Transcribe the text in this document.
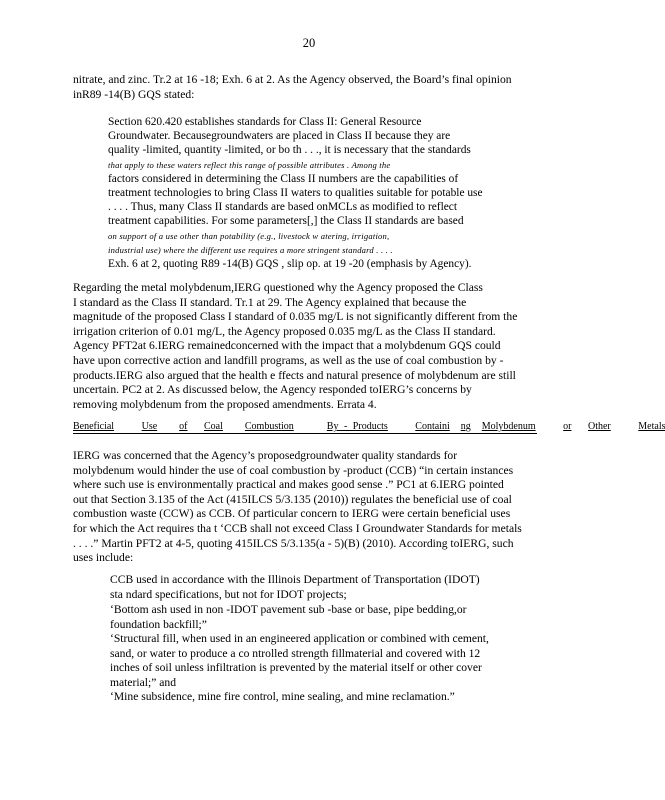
20
nitrate, and zinc. Tr.2 at 16 -18; Exh. 6 at 2. As the Agency observed, the Board’s final opinion
inR89 -14(B) GQS stated:
Section 620.420 establishes standards for Class II: General Resource
Groundwater. Becausegroundwaters are placed in Class II because they are
quality -limited, quantity -limited, or bo th . . ., it is necessary that the standards
that apply to these waters reflect this range of possible attributes . Among the
factors considered in determining the Class II numbers are the capabilities of
treatment technologies to bring Class II waters to qualities suitable for potable use
. . . . Thus, many Class II standards are based onMCLs as modified to reflect
treatment capabilities. For some parameters[,] the Class II standards are based
on support of a use other than potability (e.g., livestock w atering, irrigation,
industrial use) where the different use requires a more stringent standard . . . .
Exh. 6 at 2, quoting R89 -14(B) GQS , slip op. at 19 -20 (emphasis by Agency).
Regarding the metal molybdenum,IERG questioned why the Agency proposed the Class
I standard as the Class II standard. Tr.1 at 29. The Agency explained that because the
magnitude of the proposed Class I standard of 0.035 mg/L is not significantly different from the
irrigation criterion of 0.01 mg/L, the Agency proposed 0.035 mg/L as the Class II standard.
Agency PFT2at 6.IERG remainedconcerned with the impact that a molybdenum GQS could
have upon corrective action and landfill programs, as well as the use of coal combustion by -
products.IERG also argued that the health e ffects and natural presence of molybdenum are still
uncertain. PC2 at 2. As discussed below, the Agency responded toIERG’s concerns by
removing molybdenum from the proposed amendments. Errata 4.
Beneficial	Use of Coal Combustion	By - Products	Containi ng Molybdenum	or Other	Metals
IERG was concerned that the Agency’s proposedgroundwater quality standards for
molybdenum would hinder the use of coal combustion by -product (CCB) “in certain instances
where such use is environmentally practical and makes good sense .” PC1 at 6.IERG pointed
out that Section 3.135 of the Act (415ILCS 5/3.135 (2010)) regulates the beneficial use of coal
combustion waste (CCW) as CCB. Of particular concern to IERG were certain beneficial uses
for which the Act requires tha t ‘CCB shall not exceed Class I Groundwater Standards for metals
. . . .” Martin PFT2 at 4-5, quoting 415ILCS 5/3.135(a - 5)(B) (2010). According toIERG, such
uses include:
CCB used in accordance with the Illinois Department of Transportation (IDOT)
sta ndard specifications, but not for IDOT projects;
‘Bottom ash used in non -IDOT pavement sub -base or base, pipe bedding,or
foundation backfill;”
‘Structural fill, when used in an engineered application or combined with cement,
sand, or water to produce a co ntrolled strength fillmaterial and covered with 12
inches of soil unless infiltration is prevented by the material itself or other cover
material;” and
‘Mine subsidence, mine fire control, mine sealing, and mine reclamation.”
